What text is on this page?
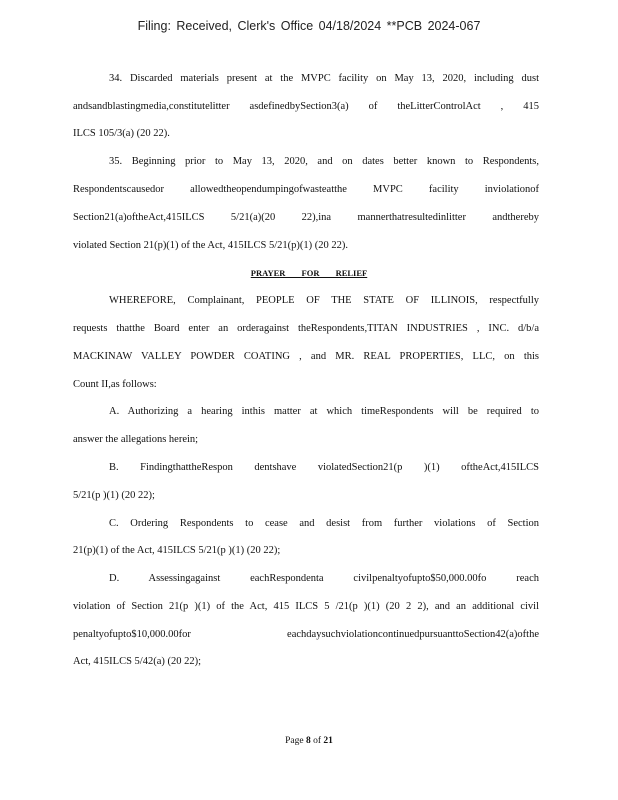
Filing: Received, Clerk's Office 04/18/2024 **PCB 2024-067
34. Discarded materials present at the MVPC facility on May 13, 2020, including dust
andsandblastingmedia,constitutelitter asdefinedbySection3(a) of theLitterControlAct , 415
ILCS 105/3(a) (20 22).
35. Beginning prior to May 13, 2020, and on dates better known to Respondents,
Respondentscausedor allowedtheopendumpingofwasteatthe MVPC facility inviolationof
Section21(a)oftheAct,415ILCS 5/21(a)(20 22),ina mannerthatresultedinlitter andthereby
violated Section 21(p)(1) of the Act, 415ILCS 5/21(p)(1) (20 22).
PRAYER FOR RELIEF
WHEREFORE, Complainant, PEOPLE OF THE STATE OF ILLINOIS, respectfully
requests thatthe Board enter an orderagainst theRespondents,TITAN INDUSTRIES , INC. d/b/a
MACKINAW VALLEY POWDER COATING , and MR. REAL PROPERTIES, LLC, on this
Count II,as follows:
A. Authorizing a hearing inthis matter at which timeRespondents will be required to
answer the allegations herein;
B. FindingthattheRespon dentshave violatedSection21(p )(1) oftheAct,415ILCS
5/21(p )(1) (20 22);
C. Ordering Respondents to cease and desist from further violations of Section
21(p)(1) of the Act, 415ILCS 5/21(p )(1) (20 22);
D. Assessingagainst eachRespondenta civilpenaltyofupto$50,000.00fo reach
violation of Section 21(p )(1) of the Act, 415 ILCS 5 /21(p )(1) (20 2 2), and an additional civil
penaltyofupto$10,000.00for eachdaysuchviolationcontinuedpursuanttoSection42(a)ofthe
Act, 415ILCS 5/42(a) (20 22);
Page 8 of 21
